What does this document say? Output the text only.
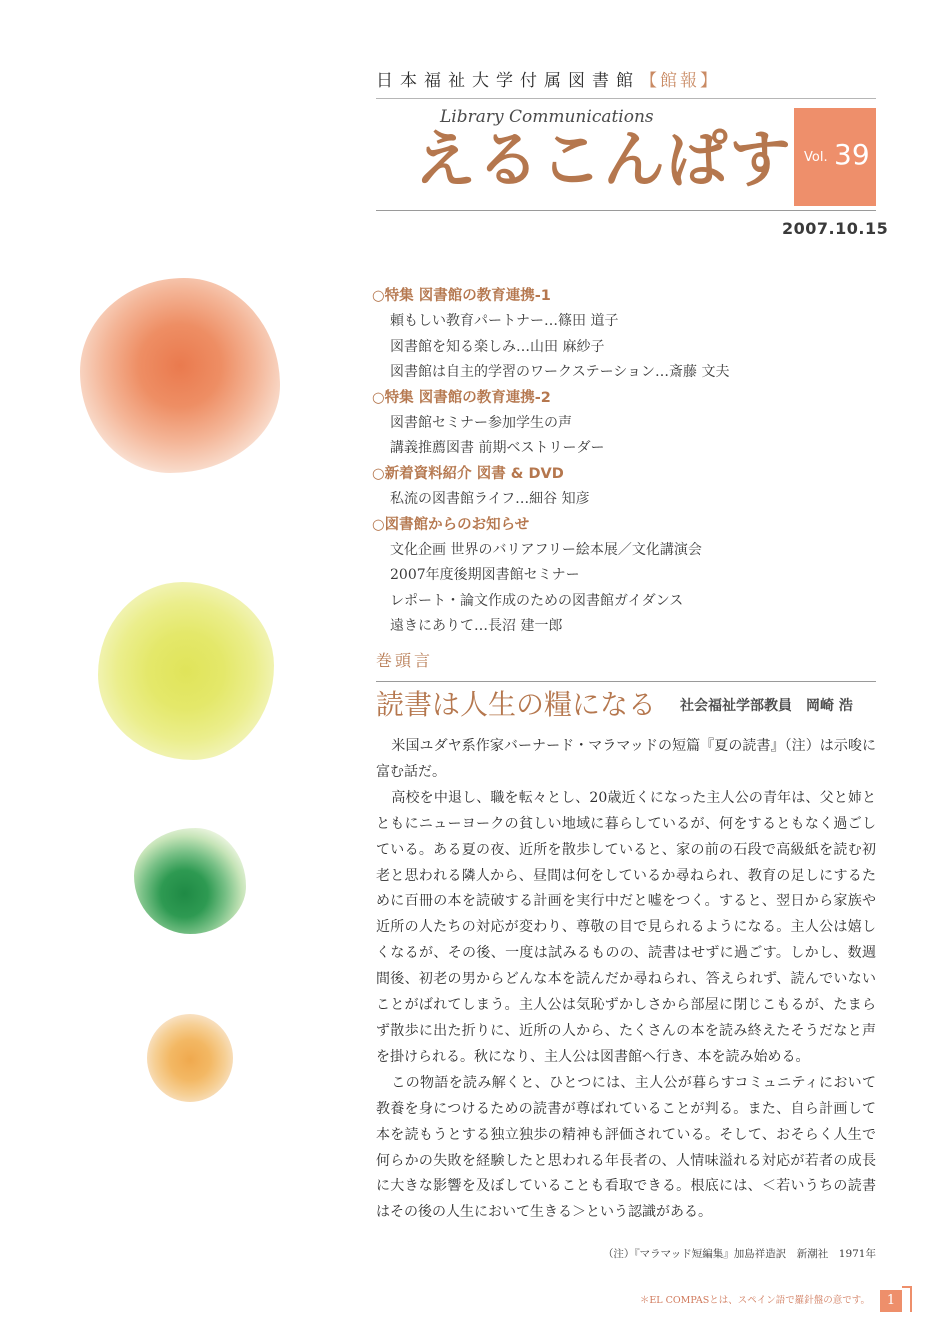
日本福祉大学付属図書館【館報】
Library Communications
えるこんぱす Vol. 39
2007.10.15
○特集 図書館の教育連携-1
頼もしい教育パートナー…篠田 道子
図書館を知る楽しみ…山田 麻紗子
図書館は自主的学習のワークステーション…斎藤 文夫
○特集 図書館の教育連携-2
図書館セミナー参加学生の声
講義推薦図書 前期ベストリーダー
○新着資料紹介 図書 & DVD
私流の図書館ライフ…細谷 知彦
○図書館からのお知らせ
文化企画 世界のバリアフリー絵本展／文化講演会
2007年度後期図書館セミナー
レポート・論文作成のための図書館ガイダンス
遠きにありて…長沼 建一郎
巻頭言
読書は人生の糧になる 社会福祉学部教員　岡崎 浩

米国ユダヤ系作家バーナード・マラマッドの短篇『夏の読書』（注）は示唆に富む話だ。

高校を中退し、職を転々とし、20歳近くになった主人公の青年は、父と姉とともにニューヨークの貧しい地域に暮らしているが、何をするともなく過ごしている。ある夏の夜、近所を散歩していると、家の前の石段で高級紙を読む初老と思われる隣人から、昼間は何をしているか尋ねられ、教育の足しにするために百冊の本を読破する計画を実行中だと嘘をつく。すると、翌日から家族や近所の人たちの対応が変わり、尊敬の目で見られるようになる。主人公は嬉しくなるが、その後、一度は試みるものの、読書はせずに過ごす。しかし、数週間後、初老の男からどんな本を読んだか尋ねられ、答えられず、読んでいないことがばれてしまう。主人公は気恥ずかしさから部屋に閉じこもるが、たまらず散歩に出た折りに、近所の人から、たくさんの本を読み終えたそうだなと声を掛けられる。秋になり、主人公は図書館へ行き、本を読み始める。

この物語を読み解くと、ひとつには、主人公が暮らすコミュニティにおいて教養を身につけるための読書が尊ばれていることが判る。また、自ら計画して本を読もうとする独立独歩の精神も評価されている。そして、おそらく人生で何らかの失敗を経験したと思われる年長者の、人情味溢れる対応が若者の成長に大きな影響を及ぼしていることも看取できる。根底には、＜若いうちの読書はその後の人生において生きる＞という認識がある。

（注）『マラマッド短編集』加島祥造訳　新潮社　1971年
＊EL COMPASとは、スペイン語で羅針盤の意です。	1
